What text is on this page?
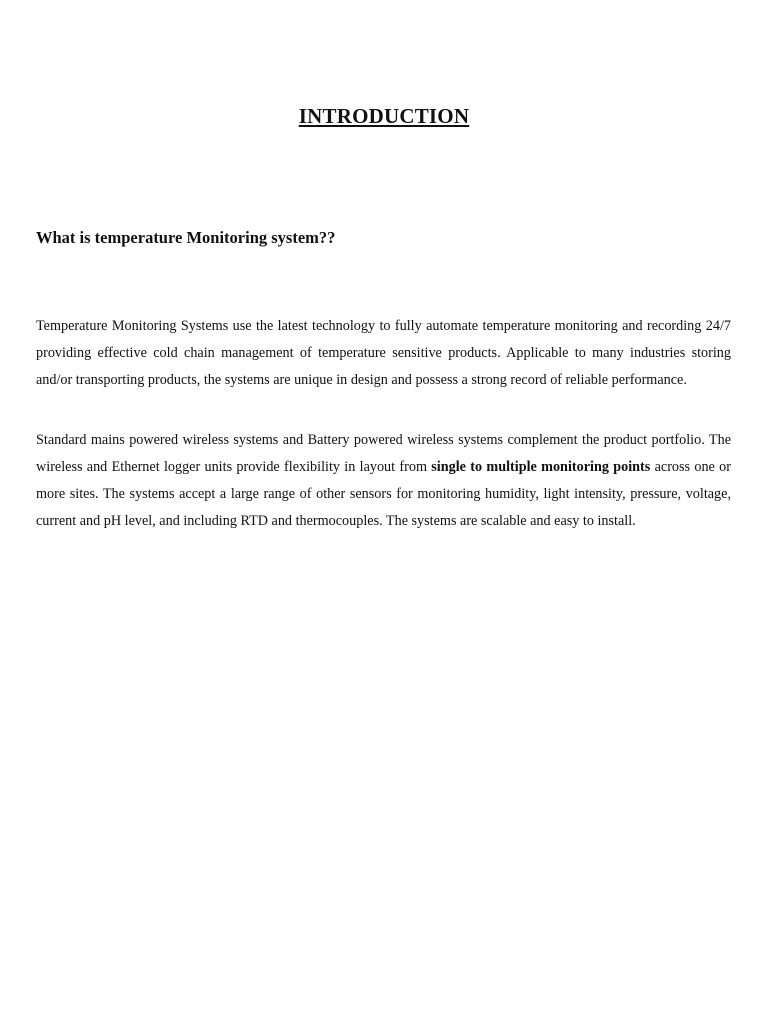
INTRODUCTION
What is temperature Monitoring system??

Temperature Monitoring Systems use the latest technology to fully automate temperature monitoring and recording 24/7 providing effective cold chain management of temperature sensitive products. Applicable to many industries storing and/or transporting products, the systems are unique in design and possess a strong record of reliable performance.

Standard mains powered wireless systems and Battery powered wireless systems complement the product portfolio. The wireless and Ethernet logger units provide flexibility in layout from single to multiple monitoring points across one or more sites. The systems accept a large range of other sensors for monitoring humidity, light intensity, pressure, voltage, current and pH level, and including RTD and thermocouples. The systems are scalable and easy to install.
